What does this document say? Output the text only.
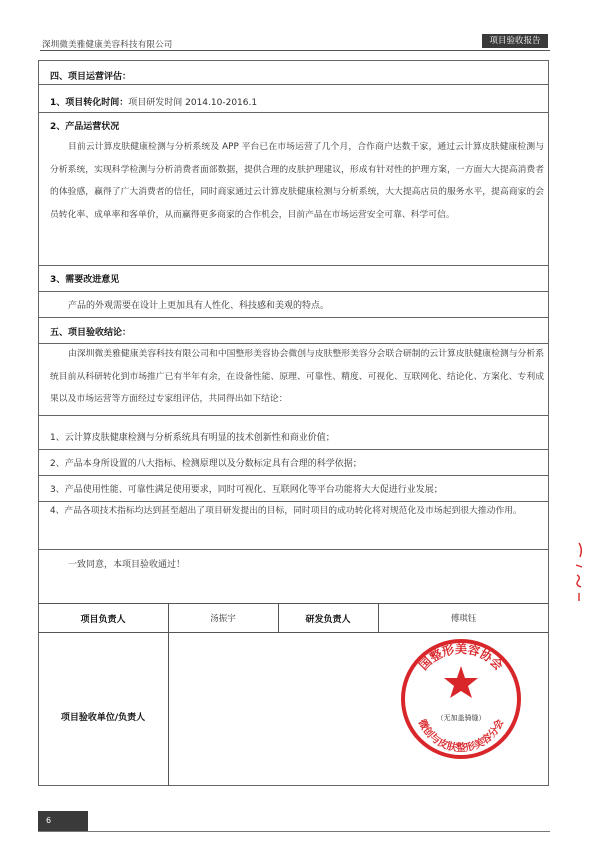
深圳微美雅健康美容科技有限公司	项目验收报告
四、项目运营评估：
1、项目转化时间：项目研发时间 2014.10-2016.1
2、产品运营状况
目前云计算皮肤健康检测与分析系统及 APP 平台已在市场运营了几个月，合作商户达数千家，通过云计算皮肤健康检测与分析系统，实现科学检测与分析消费者面部数据，提供合理的皮肤护理建议，形成有针对性的护理方案，一方面大大提高消费者的体验感，赢得了广大消费者的信任，同时商家通过云计算皮肤健康检测与分析系统，大大提高店员的服务水平，提高商家的会员转化率、成单率和客单价，从而赢得更多商家的合作机会，目前产品在市场运营安全可靠、科学可信。
3、需要改进意见
产品的外观需要在设计上更加具有人性化、科技感和美观的特点。
五、项目验收结论：
由深圳微美雅健康美容科技有限公司和中国整形美容协会微创与皮肤整形美容分会联合研制的云计算皮肤健康检测与分析系统目前从科研转化到市场推广已有半年有余，在设备性能、原理、可靠性、精度、可视化、互联网化、结论化、方案化、专利成果以及市场运营等方面经过专家组评估，共同得出如下结论：
1、云计算皮肤健康检测与分析系统具有明显的技术创新性和商业价值；
2、产品本身所设置的八大指标、检测原理以及分数标定具有合理的科学依据；
3、产品使用性能、可靠性满足使用要求，同时可视化、互联网化等平台功能将大大促进行业发展；
4、产品各项技术指标均达到甚至超出了项目研发提出的目标，同时项目的成功转化将对规范化及市场起到很大推动作用。
一致同意，本项目验收通过！
项目负责人	汤振宇	研发负责人	傅琪钰
项目验收单位/负责人
国整形美容协会
（无加盖骑缝）
微创与皮肤整形美容分会
6
